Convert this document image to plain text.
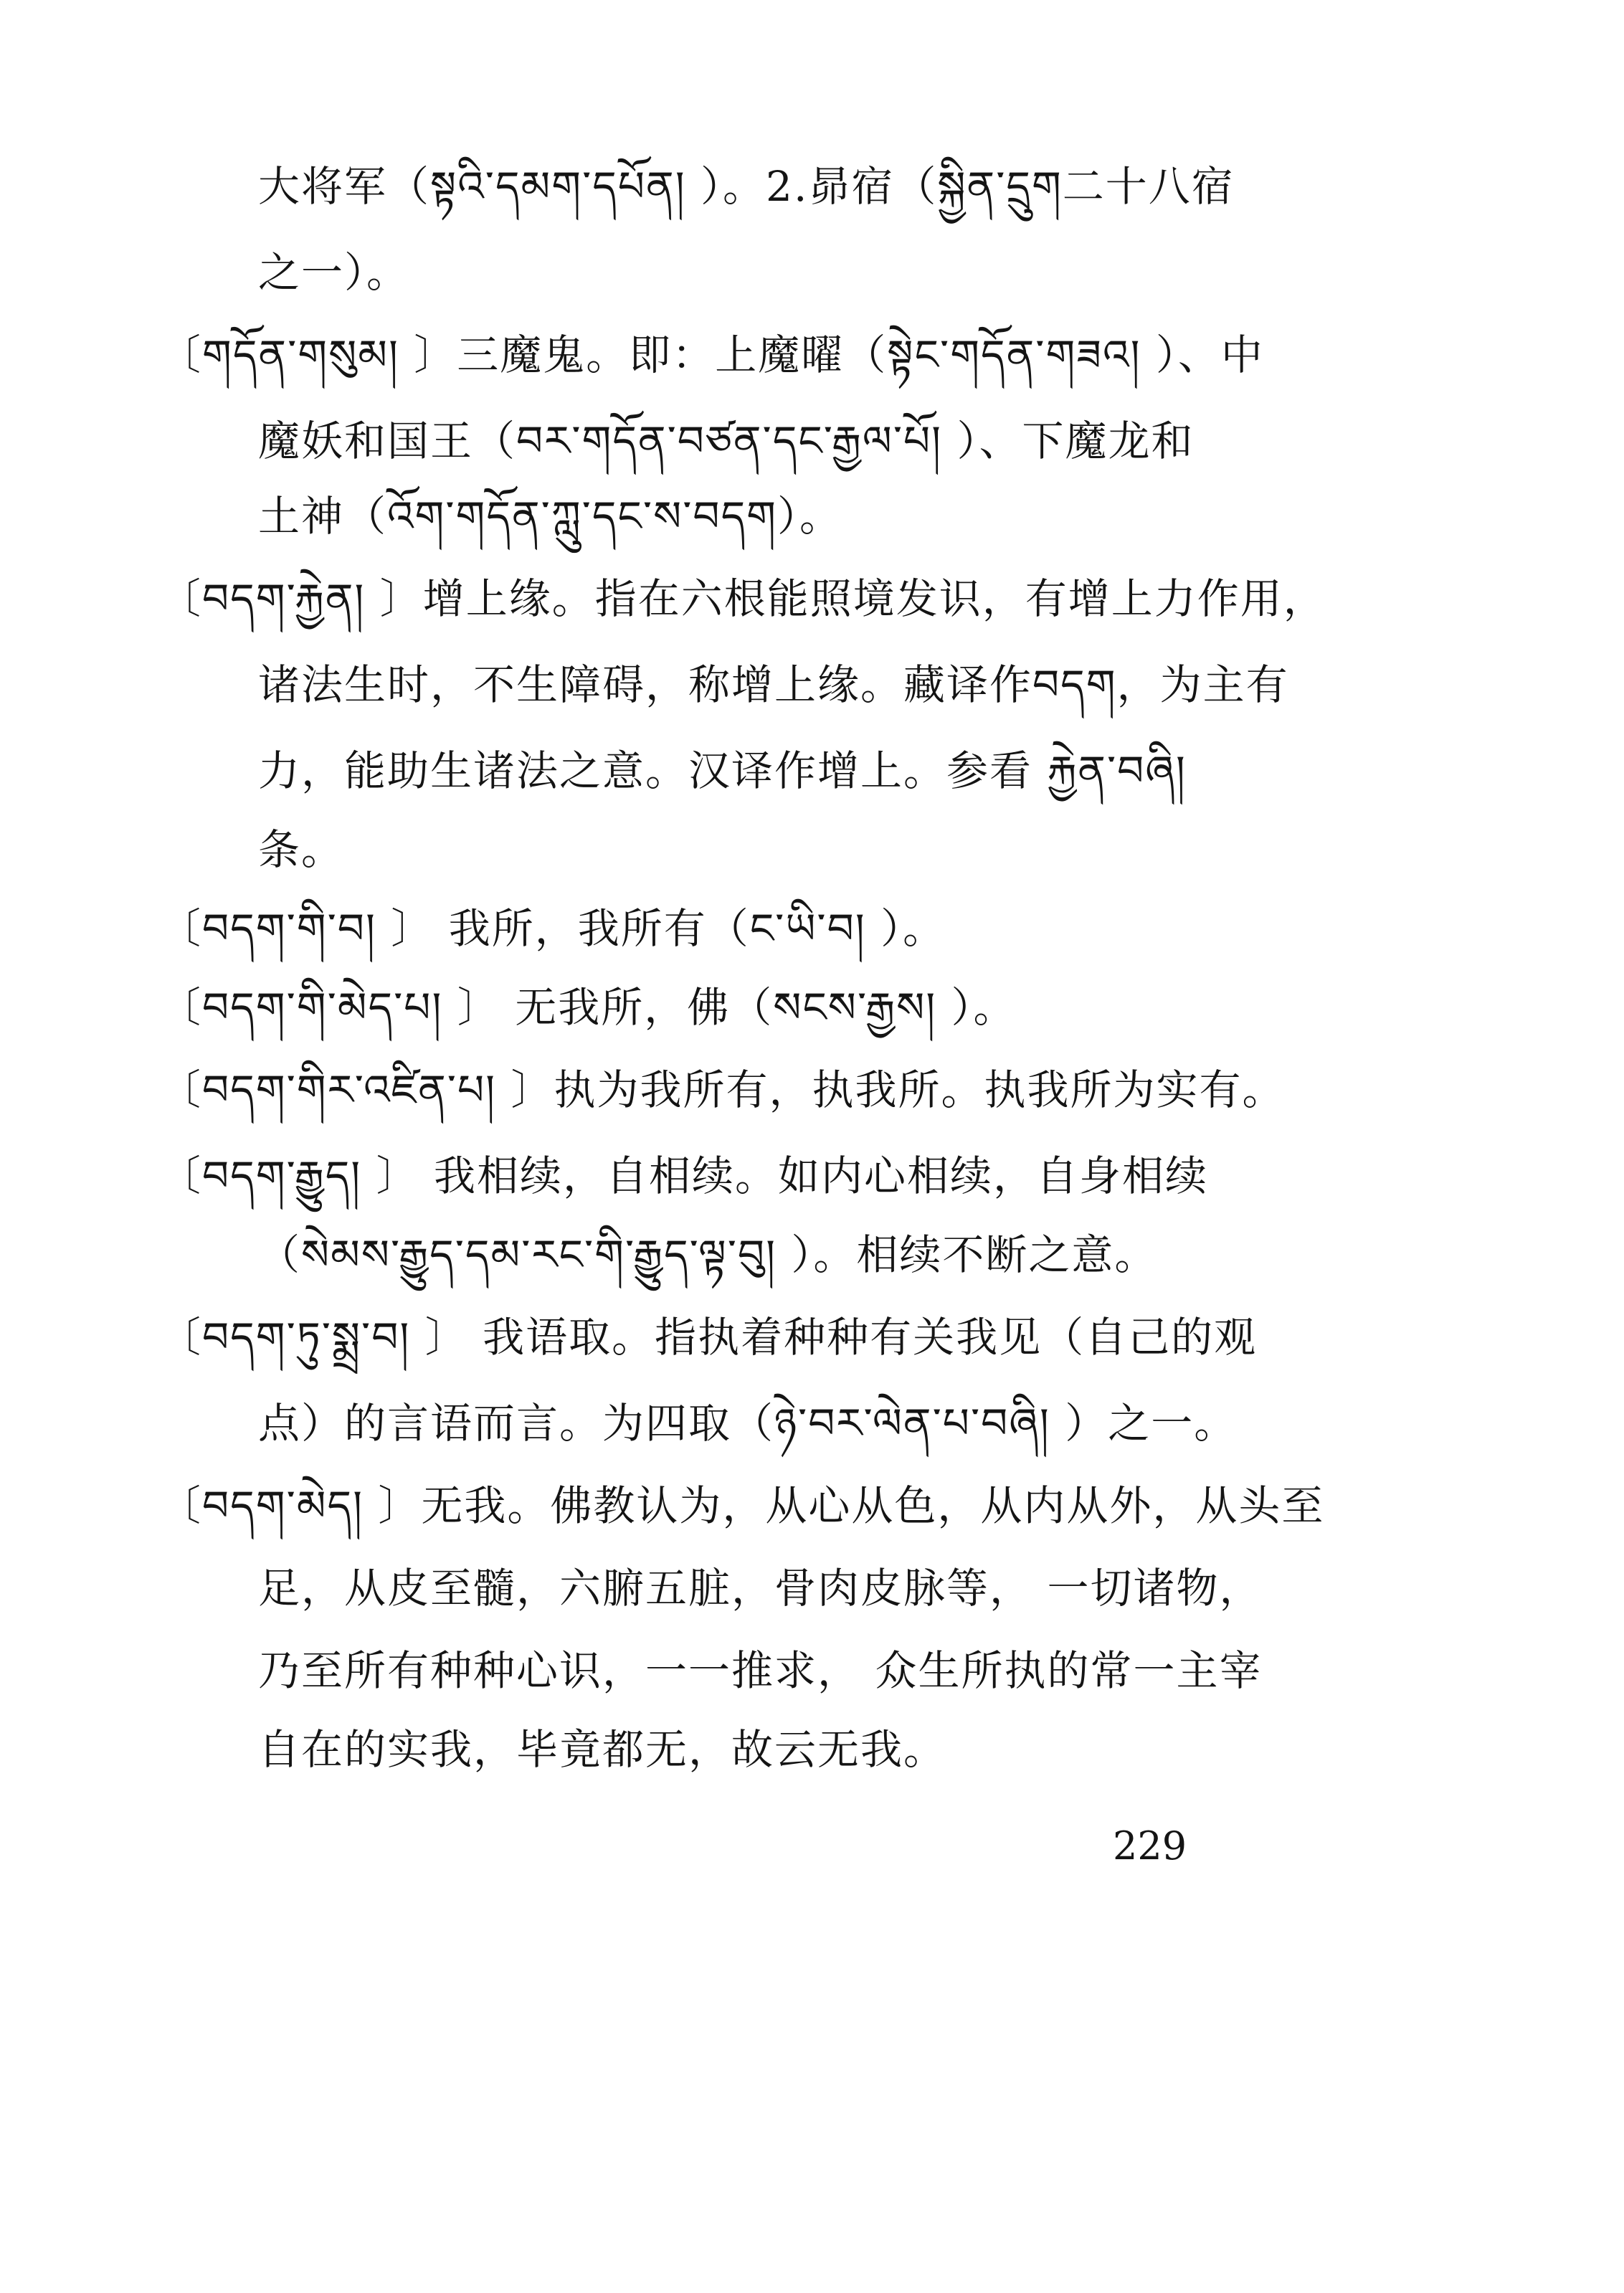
大将军（སྟའི་དམག་དཔོན། ）。2.昴宿（སྐྱིན་དྲུག二十八宿
之一）。
〔གདོན་གསུམ། 〕三魔鬼。即：上魔曜（སྟེང་གདོན་གཟའ། ）、中
魔妖和国王（བར་གདོན་བཙན་དང་རྒྱལ་པོ། ）、下魔龙和
土神（འོག་གདོན་ཀླུ་དང་ས་བདག）。
〔བདག་རྐྱེན། 〕增上缘。指在六根能照境发识，有增上力作用，
诸法生时，不生障碍，称增上缘。藏译作བདག，为主有
力，能助生诸法之意。汉译作增上。参看 རྐྱེན་བཞི།
条。
〔བདག་གི་བ། 〕 我所，我所有（ང་ཡི་བ། ）。
〔བདག་གི་མེད་པ། 〕 无我所，佛（སངས་རྒྱས། ）。
〔བདག་གིར་འཛིན་པ། 〕执为我所有，执我所。执我所为实有。
〔བདག་རྒྱུད། 〕 我相续，自相续。如内心相续，自身相续
（སེམས་རྒྱུད་དམ་རང་གི་རྒྱུད་ལྟ་བུ། ）。相续不断之意。
〔བདག་ཏུ་སྨྲ་བ། 〕 我语取。指执着种种有关我见（自己的观
点）的言语而言。为四取（ཉེ་བར་ལེན་པ་བཞི། ）之一。
〔བདག་མེད། 〕无我。佛教认为，从心从色，从内从外，从头至
足，从皮至髓，六腑五脏，骨肉皮脉等， 一切诸物，
乃至所有种种心识，一一推求， 众生所执的常一主宰
自在的实我，毕竟都无，故云无我。
229
